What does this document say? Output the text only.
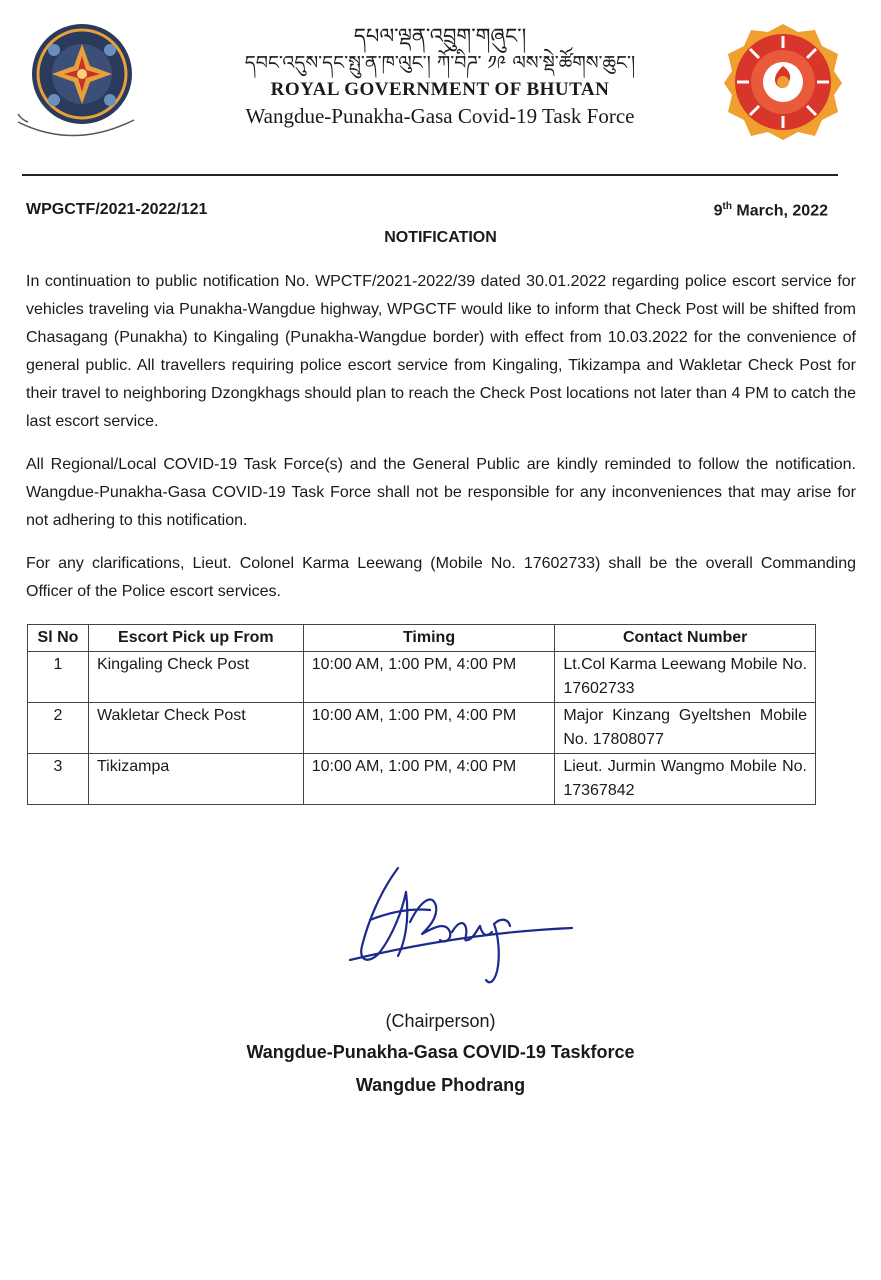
དཔལ་ལྡན་འབྲུག་གཞུང་།
དབང་འདུས་དང་སྤུ་ན་ཁ་ལུང་། ཀོ་བིཌ་ ༡༩ ལས་སྡེ་ཚོགས་ཆུང་།
ROYAL GOVERNMENT OF BHUTAN
Wangdue-Punakha-Gasa Covid-19 Task Force
WPGCTF/2021-2022/121	9th March, 2022
NOTIFICATION
In continuation to public notification No. WPCTF/2021-2022/39 dated 30.01.2022 regarding police escort service for vehicles traveling via Punakha-Wangdue highway, WPGCTF would like to inform that Check Post will be shifted from Chasagang (Punakha) to Kingaling (Punakha-Wangdue border) with effect from 10.03.2022 for the convenience of general public. All travellers requiring police escort service from Kingaling, Tikizampa and Wakletar Check Post for their travel to neighboring Dzongkhags should plan to reach the Check Post locations not later than 4 PM to catch the last escort service.
All Regional/Local COVID-19 Task Force(s) and the General Public are kindly reminded to follow the notification. Wangdue-Punakha-Gasa COVID-19 Task Force shall not be responsible for any inconveniences that may arise for not adhering to this notification.
For any clarifications, Lieut. Colonel Karma Leewang (Mobile No. 17602733) shall be the overall Commanding Officer of the Police escort services.
Sl No	Escort Pick up From	Timing	Contact Number
1	Kingaling Check Post	10:00 AM, 1:00 PM, 4:00 PM	Lt.Col Karma Leewang Mobile No. 17602733
2	Wakletar Check Post	10:00 AM, 1:00 PM, 4:00 PM	Major Kinzang Gyeltshen Mobile No. 17808077
3	Tikizampa	10:00 AM, 1:00 PM, 4:00 PM	Lieut. Jurmin Wangmo Mobile No. 17367842
(Chairperson)
Wangdue-Punakha-Gasa COVID-19 Taskforce
Wangdue Phodrang
